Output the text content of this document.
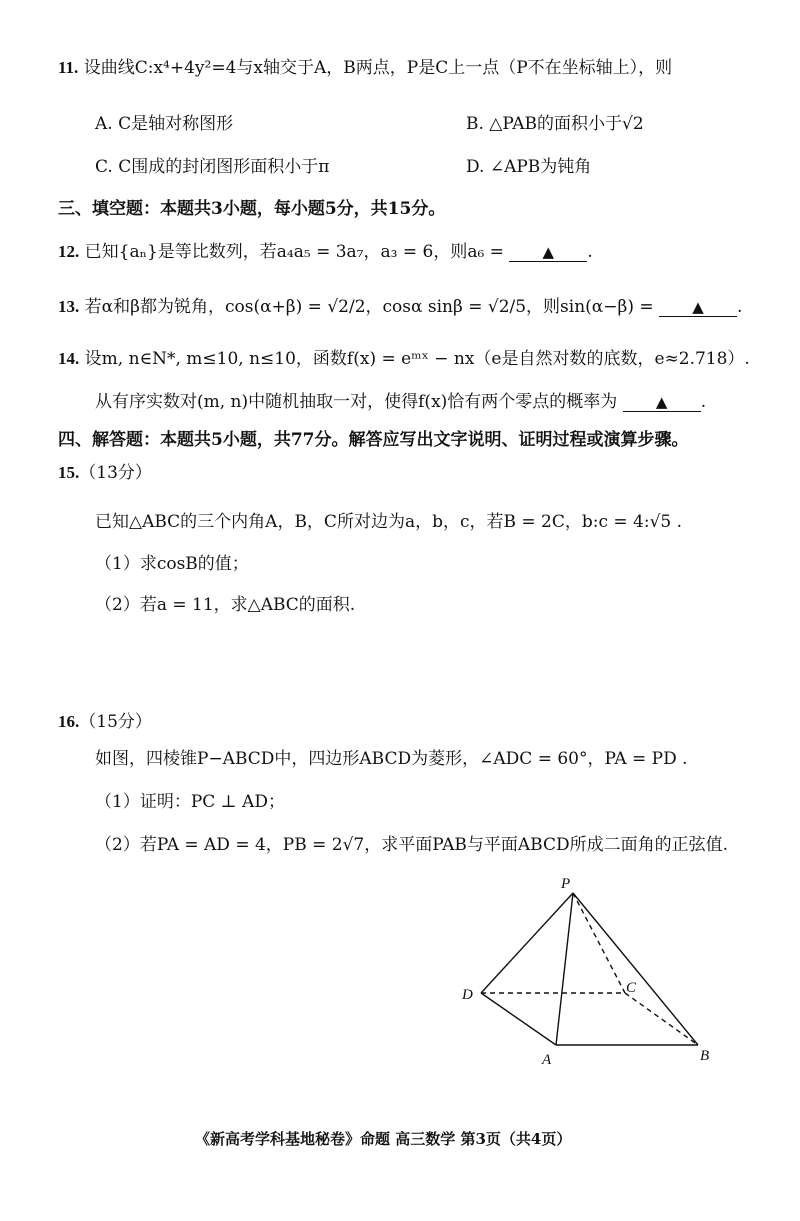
11. 设曲线C:x⁴+4y²=4与x轴交于A，B两点，P是C上一点（P不在坐标轴上），则
A. C是轴对称图形	B. △PAB的面积小于√2
C. C围成的封闭图形面积小于π	D. ∠APB为钝角
三、填空题：本题共3小题，每小题5分，共15分。
12. 已知{aₙ}是等比数列，若a₄a₅ = 3a₇，a₃ = 6，则a₆ =	▲ .
13. 若α和β都为锐角，cos(α+β) = √2/2，cosα sinβ = √2/5，则sin(α−β) =	▲ .
14. 设m, n∈N*, m≤10, n≤10，函数f(x) = eᵐˣ − nx（e是自然对数的底数，e≈2.718）.
从有序实数对(m, n)中随机抽取一对，使得f(x)恰有两个零点的概率为	▲ .
四、解答题：本题共5小题，共77分。解答应写出文字说明、证明过程或演算步骤。
15.（13分）
已知△ABC的三个内角A，B，C所对边为a，b，c，若B = 2C，b:c = 4:√5 .
（1）求cosB的值；
（2）若a = 11，求△ABC的面积.
16.（15分）
如图，四棱锥P−ABCD中，四边形ABCD为菱形，∠ADC = 60°，PA = PD .
（1）证明：PC ⊥ AD；
（2）若PA = AD = 4，PB = 2√7，求平面PAB与平面ABCD所成二面角的正弦值.
P
D	C
A	B
《新高考学科基地秘卷》命题 高三数学 第3页（共4页）
